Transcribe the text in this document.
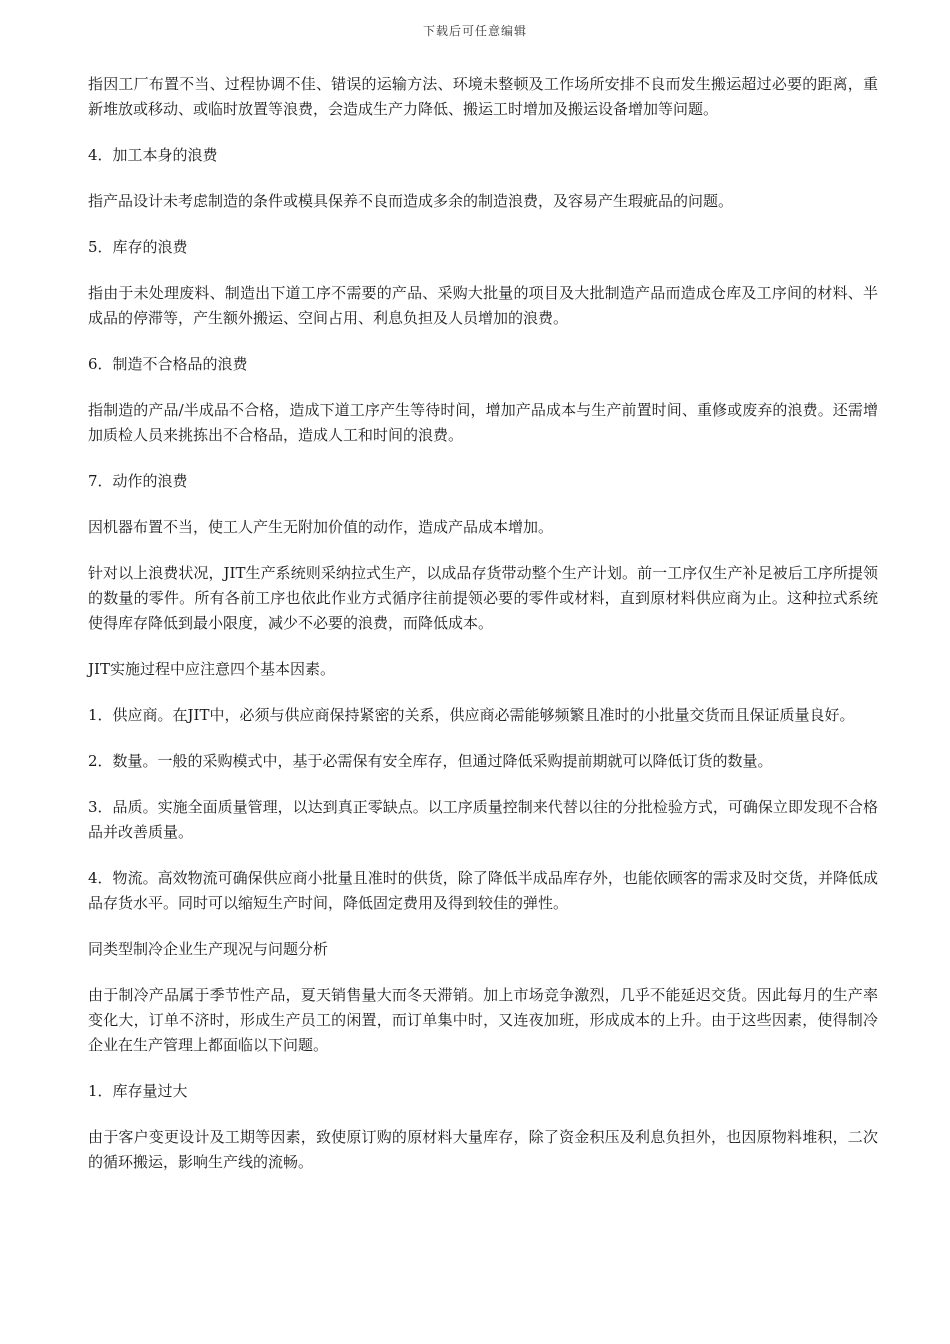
下载后可任意编辑

指因工厂布置不当、过程协调不佳、错误的运输方法、环境未整顿及工作场所安排不良而发生搬运超过必要的距离，重新堆放或移动、或临时放置等浪费，会造成生产力降低、搬运工时增加及搬运设备增加等问题。

4．加工本身的浪费

指产品设计未考虑制造的条件或模具保养不良而造成多余的制造浪费，及容易产生瑕疵品的问题。

5．库存的浪费

指由于未处理废料、制造出下道工序不需要的产品、采购大批量的项目及大批制造产品而造成仓库及工序间的材料、半成品的停滞等，产生额外搬运、空间占用、利息负担及人员增加的浪费。

6．制造不合格品的浪费

指制造的产品/半成品不合格，造成下道工序产生等待时间，增加产品成本与生产前置时间、重修或废弃的浪费。还需增加质检人员来挑拣出不合格品，造成人工和时间的浪费。

7．动作的浪费

因机器布置不当，使工人产生无附加价值的动作，造成产品成本增加。

针对以上浪费状况，JIT生产系统则采纳拉式生产，以成品存货带动整个生产计划。前一工序仅生产补足被后工序所提领的数量的零件。所有各前工序也依此作业方式循序往前提领必要的零件或材料，直到原材料供应商为止。这种拉式系统使得库存降低到最小限度，减少不必要的浪费，而降低成本。

JIT实施过程中应注意四个基本因素。

1．供应商。在JIT中，必须与供应商保持紧密的关系，供应商必需能够频繁且准时的小批量交货而且保证质量良好。

2．数量。一般的采购模式中，基于必需保有安全库存，但通过降低采购提前期就可以降低订货的数量。

3．品质。实施全面质量管理，以达到真正零缺点。以工序质量控制来代替以往的分批检验方式，可确保立即发现不合格品并改善质量。

4．物流。高效物流可确保供应商小批量且准时的供货，除了降低半成品库存外，也能依顾客的需求及时交货，并降低成品存货水平。同时可以缩短生产时间，降低固定费用及得到较佳的弹性。

同类型制冷企业生产现况与问题分析

由于制冷产品属于季节性产品，夏天销售量大而冬天滞销。加上市场竞争激烈，几乎不能延迟交货。因此每月的生产率变化大，订单不济时，形成生产员工的闲置，而订单集中时，又连夜加班，形成成本的上升。由于这些因素，使得制冷企业在生产管理上都面临以下问题。

1．库存量过大

由于客户变更设计及工期等因素，致使原订购的原材料大量库存，除了资金积压及利息负担外，也因原物料堆积，二次的循环搬运，影响生产线的流畅。
